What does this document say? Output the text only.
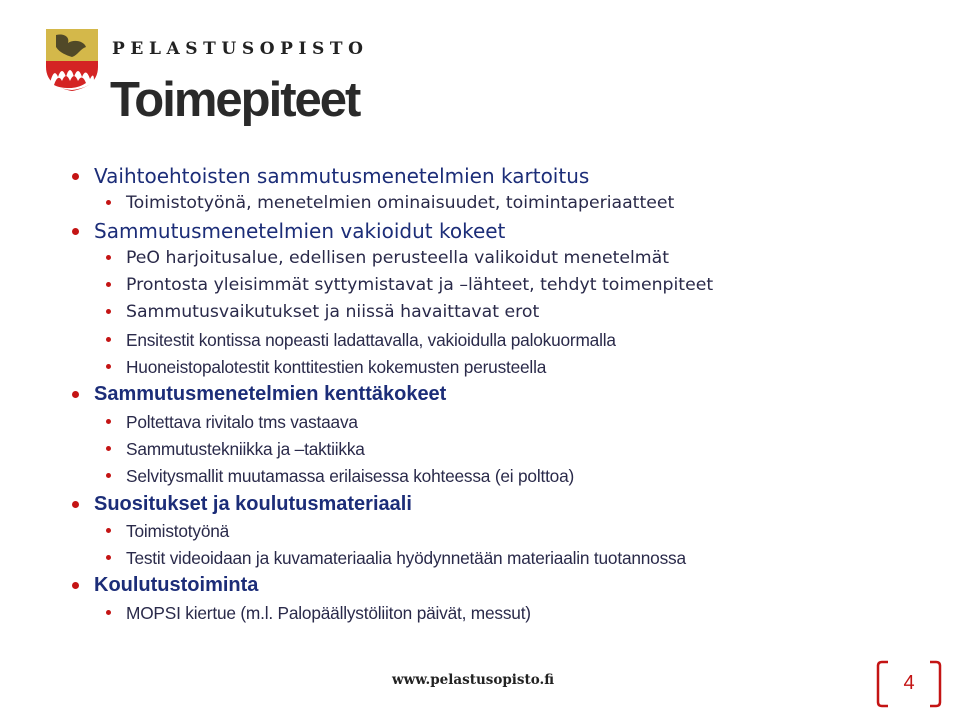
PELASTUSOPISTO
Toimepiteet
Vaihtoehtoisten sammutusmenetelmien kartoitus
Toimistotyönä, menetelmien ominaisuudet, toimintaperiaatteet
Sammutusmenetelmien vakioidut kokeet
PeO harjoitusalue, edellisen perusteella valikoidut menetelmät
Prontosta yleisimmät syttymistavat ja –lähteet, tehdyt toimenpiteet
Sammutusvaikutukset ja niissä havaittavat erot
Ensitestit kontissa nopeasti ladattavalla, vakioidulla palokuormalla
Huoneistopalotestit konttitestien kokemusten perusteella
Sammutusmenetelmien kenttäkokeet
Poltettava rivitalo tms vastaava
Sammutustekniikka ja –taktiikka
Selvitysmallit muutamassa erilaisessa kohteessa (ei polttoa)
Suositukset ja koulutusmateriaali
Toimistotyönä
Testit videoidaan ja kuvamateriaalia hyödynnetään materiaalin tuotannossa
Koulutustoiminta
MOPSI kiertue (m.l. Palopäällystöliiton päivät, messut)
www.pelastusopisto.fi	4
